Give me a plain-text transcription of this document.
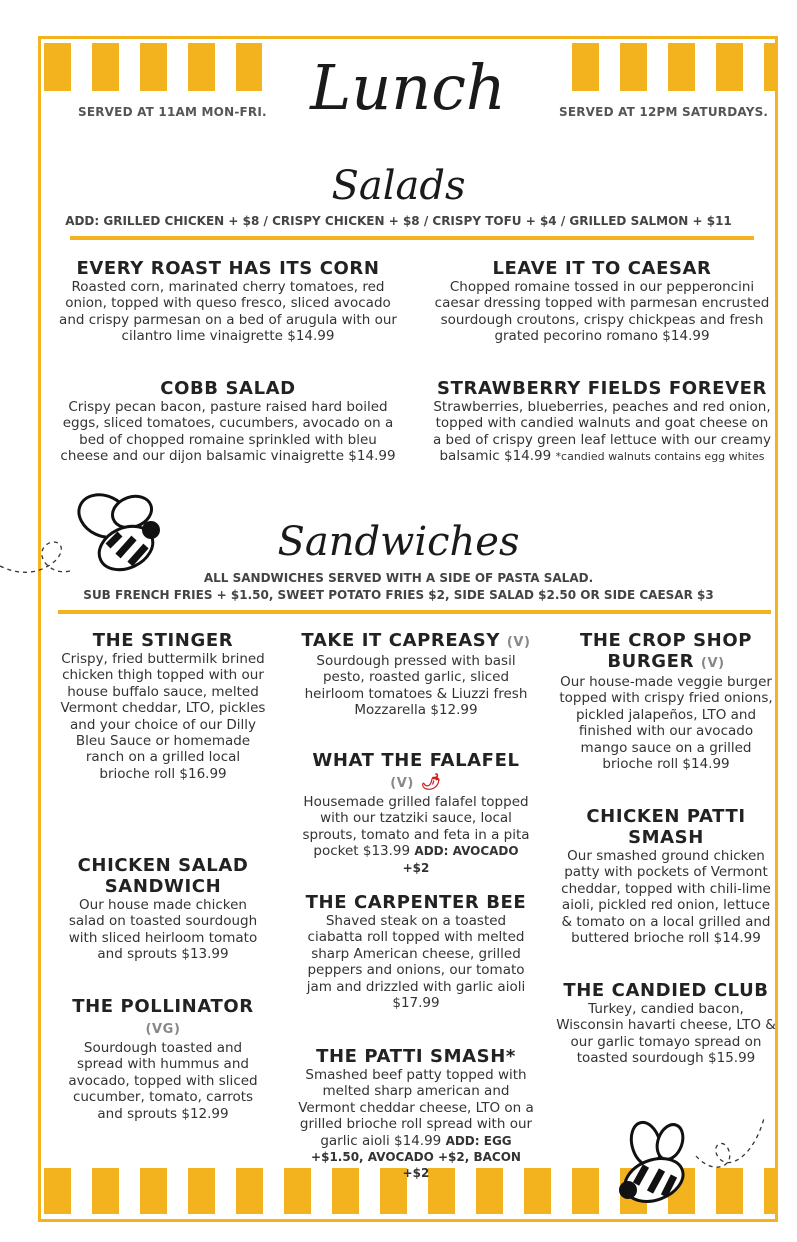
SERVED AT 11AM MON-FRI.	SERVED AT 12PM SATURDAYS.
Lunch
Salads
ADD: GRILLED CHICKEN + $8 / CRISPY CHICKEN + $8 / CRISPY TOFU + $4 / GRILLED SALMON + $11
EVERY ROAST HAS ITS CORN

Roasted corn, marinated cherry tomatoes, red onion, topped with queso fresco, sliced avocado and crispy parmesan on a bed of arugula with our cilantro lime vinaigrette $14.99

LEAVE IT TO CAESAR

Chopped romaine tossed in our pepperoncini caesar dressing topped with parmesan encrusted sourdough croutons, crispy chickpeas and fresh grated pecorino romano $14.99

COBB SALAD

Crispy pecan bacon, pasture raised hard boiled eggs, sliced tomatoes, cucumbers, avocado on a bed of chopped romaine sprinkled with bleu cheese and our dijon balsamic vinaigrette $14.99

STRAWBERRY FIELDS FOREVER

Strawberries, blueberries, peaches and red onion, topped with candied walnuts and goat cheese on a bed of crispy green leaf lettuce with our creamy balsamic $14.99 *candied walnuts contains egg whites

Sandwiches
ALL SANDWICHES SERVED WITH A SIDE OF PASTA SALAD.
SUB FRENCH FRIES + $1.50, SWEET POTATO FRIES $2, SIDE SALAD $2.50 OR SIDE CAESAR $3
THE STINGER

Crispy, fried buttermilk brined chicken thigh topped with our house buffalo sauce, melted Vermont cheddar, LTO, pickles and your choice of our Dilly Bleu Sauce or homemade ranch on a grilled local brioche roll $16.99

CHICKEN SALAD SANDWICH

Our house made chicken salad on toasted sourdough with sliced heirloom tomato and sprouts $13.99

THE POLLINATOR (VG)

Sourdough toasted and spread with hummus and avocado, topped with sliced cucumber, tomato, carrots and sprouts $12.99

TAKE IT CAPREASY (V)

Sourdough pressed with basil pesto, roasted garlic, sliced heirloom tomatoes & Liuzzi fresh Mozzarella $12.99

WHAT THE FALAFEL (V) 🌶

Housemade grilled falafel topped with our tzatziki sauce, local sprouts, tomato and feta in a pita pocket $13.99 ADD: AVOCADO +$2

THE CARPENTER BEE

Shaved steak on a toasted ciabatta roll topped with melted sharp American cheese, grilled peppers and onions, our tomato jam and drizzled with garlic aioli $17.99

THE PATTI SMASH*

Smashed beef patty topped with melted sharp american and Vermont cheddar cheese, LTO on a grilled brioche roll spread with our garlic aioli $14.99 ADD: EGG +$1.50, AVOCADO +$2, BACON +$2

THE CROP SHOP BURGER (V)

Our house-made veggie burger topped with crispy fried onions, pickled jalapeños, LTO and finished with our avocado mango sauce on a grilled brioche roll $14.99

CHICKEN PATTI SMASH

Our smashed ground chicken patty with pockets of Vermont cheddar, topped with chili-lime aioli, pickled red onion, lettuce & tomato on a local grilled and buttered brioche roll $14.99

THE CANDIED CLUB

Turkey, candied bacon, Wisconsin havarti cheese, LTO & our garlic tomayo spread on toasted sourdough $15.99
